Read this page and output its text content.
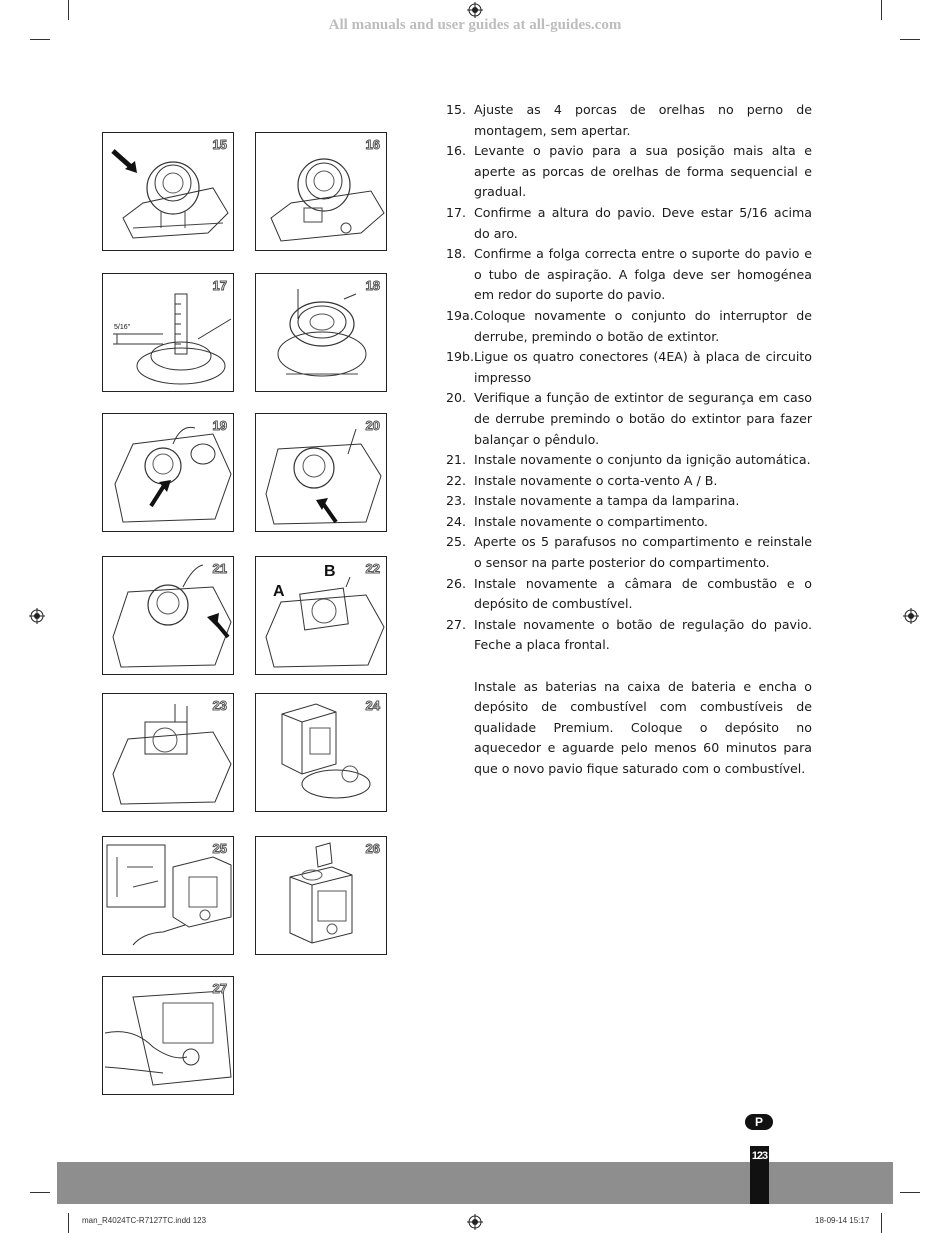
All manuals and user guides at all-guides.com
15	16
5/16"
17	18
19	20
21
A
B 22
23	24
25	26
27
15. Ajuste as 4 porcas de orelhas no perno de montagem, sem apertar.
16. Levante o pavio para a sua posição mais alta e aperte as porcas de orelhas de forma sequencial e gradual.
17. Confirme a altura do pavio. Deve estar 5/16 acima do aro.
18. Confirme a folga correcta entre o suporte do pavio e o tubo de aspiração. A folga deve ser homogénea em redor do suporte do pavio.
19a. Coloque novamente o conjunto do interruptor de derrube, premindo o botão de extintor.
19b. Ligue os quatro conectores (4EA) à placa de circuito impresso
20. Verifique a função de extintor de segurança em caso de derrube premindo o botão do extintor para fazer balançar o pêndulo.
21. Instale novamente o conjunto da ignição automática.
22. Instale novamente o corta-vento A / B.
23. Instale novamente a tampa da lamparina.
24. Instale novamente o compartimento.
25. Aperte os 5 parafusos no compartimento e reinstale o sensor na parte posterior do compartimento.
26. Instale novamente a câmara de combustão e o depósito de combustível.
27. Instale novamente o botão de regulação do pavio. Feche a placa frontal.
Instale as baterias na caixa de bateria e encha o depósito de combustível com combustíveis de qualidade Premium. Coloque o depósito no aquecedor e aguarde pelo menos 60 minutos para que o novo pavio fique saturado com o combustível.
P
123
man_R4024TC-R7127TC.indd 123	18-09-14 15:17
